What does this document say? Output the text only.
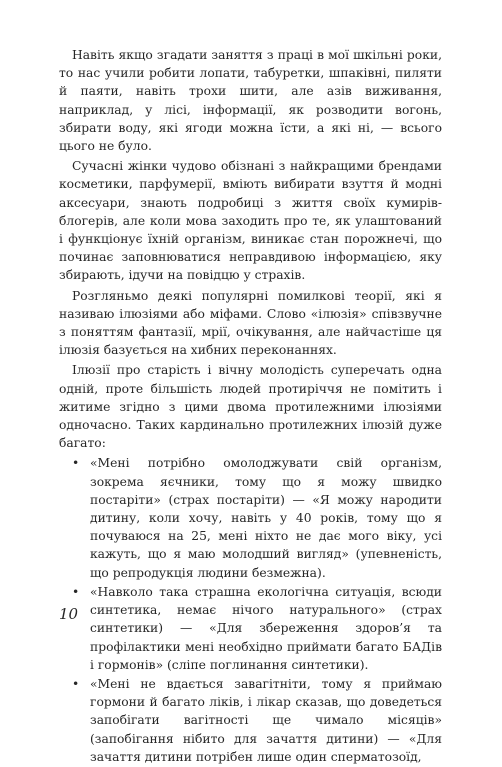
Навіть якщо згадати заняття з праці в мої шкільні роки, то нас учили робити лопати, табуретки, шпаківні, пиляти й паяти, навіть трохи шити, але азів виживання, наприклад, у лісі, інформації, як розводити вогонь, збирати воду, які ягоди можна їсти, а які ні, — всього цього не було.

Сучасні жінки чудово обізнані з найкращими брендами косметики, парфумерії, вміють вибирати взуття й модні аксесуари, знають подробиці з життя своїх кумирів-блогерів, але коли мова заходить про те, як улаштований і функціонує їхній організм, виникає стан порожнечі, що починає заповнюватися неправдивою інформацією, яку збирають, ідучи на повідцю у страхів.

Розгляньмо деякі популярні помилкові теорії, які я називаю ілюзіями або міфами. Слово «ілюзія» співзвучне з поняттям фантазії, мрії, очікування, але найчастіше ця ілюзія базується на хибних переконаннях.

Ілюзії про старість і вічну молодість суперечать одна одній, проте більшість людей протиріччя не помітить і житиме згідно з цими двома протилежними ілюзіями одночасно. Таких кардинально протилежних ілюзій дуже багато:

• «Мені потрібно омолоджувати свій організм, зокрема яєчники, тому що я можу швидко постаріти» (страх постаріти) — «Я можу народити дитину, коли хочу, навіть у 40 років, тому що я почуваюся на 25, мені ніхто не дає мого віку, усі кажуть, що я маю молодший вигляд» (упевненість, що репродукція людини безмежна).
• «Навколо така страшна екологічна ситуація, всюди синтетика, немає нічого натурального» (страх синтетики) — «Для збереження здоров’я та профілактики мені необхідно приймати багато БАДів і гормонів» (сліпе поглинання синтетики).
• «Мені не вдається завагітніти, тому я приймаю гормони й багато ліків, і лікар сказав, що доведеться запобігати вагітності ще чимало місяців» (запобігання нібито для зачаття дитини) — «Для зачаття дитини потрібен лише один сперматозоїд,
10
